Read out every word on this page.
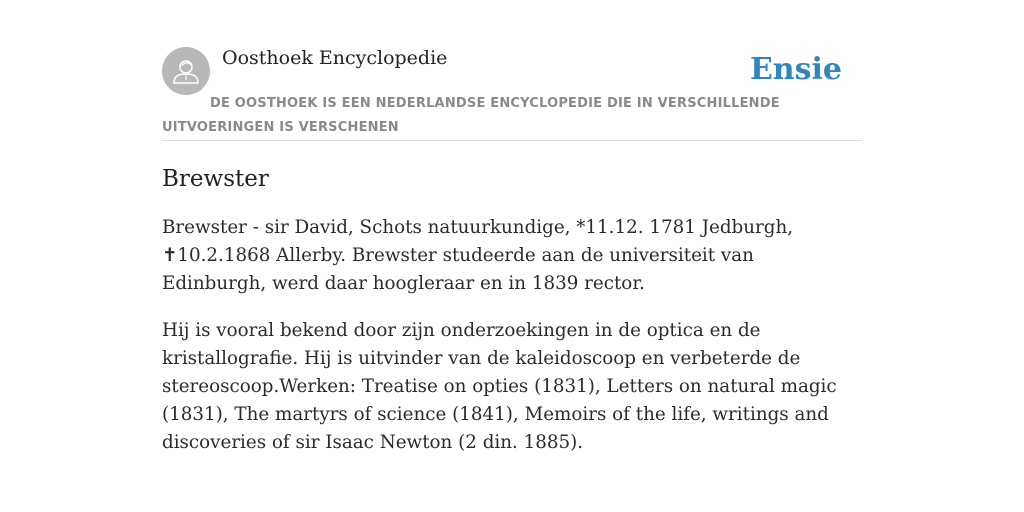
Oosthoek Encyclopedie	Ensie

DE OOSTHOEK IS EEN NEDERLANDSE ENCYCLOPEDIE DIE IN VERSCHILLENDE UITVOERINGEN IS VERSCHENEN

Brewster

Brewster - sir David, Schots natuurkundige, *11.12. 1781 Jedburgh, ✝10.2.1868 Allerby. Brewster studeerde aan de universiteit van Edinburgh, werd daar hoogleraar en in 1839 rector.

Hij is vooral bekend door zijn onderzoekingen in de optica en de kristallografie. Hij is uitvinder van de kaleidoscoop en verbeterde de stereoscoop.Werken: Treatise on opties (1831), Letters on natural magic (1831), The martyrs of science (1841), Memoirs of the life, writings and discoveries of sir Isaac Newton (2 din. 1885).
